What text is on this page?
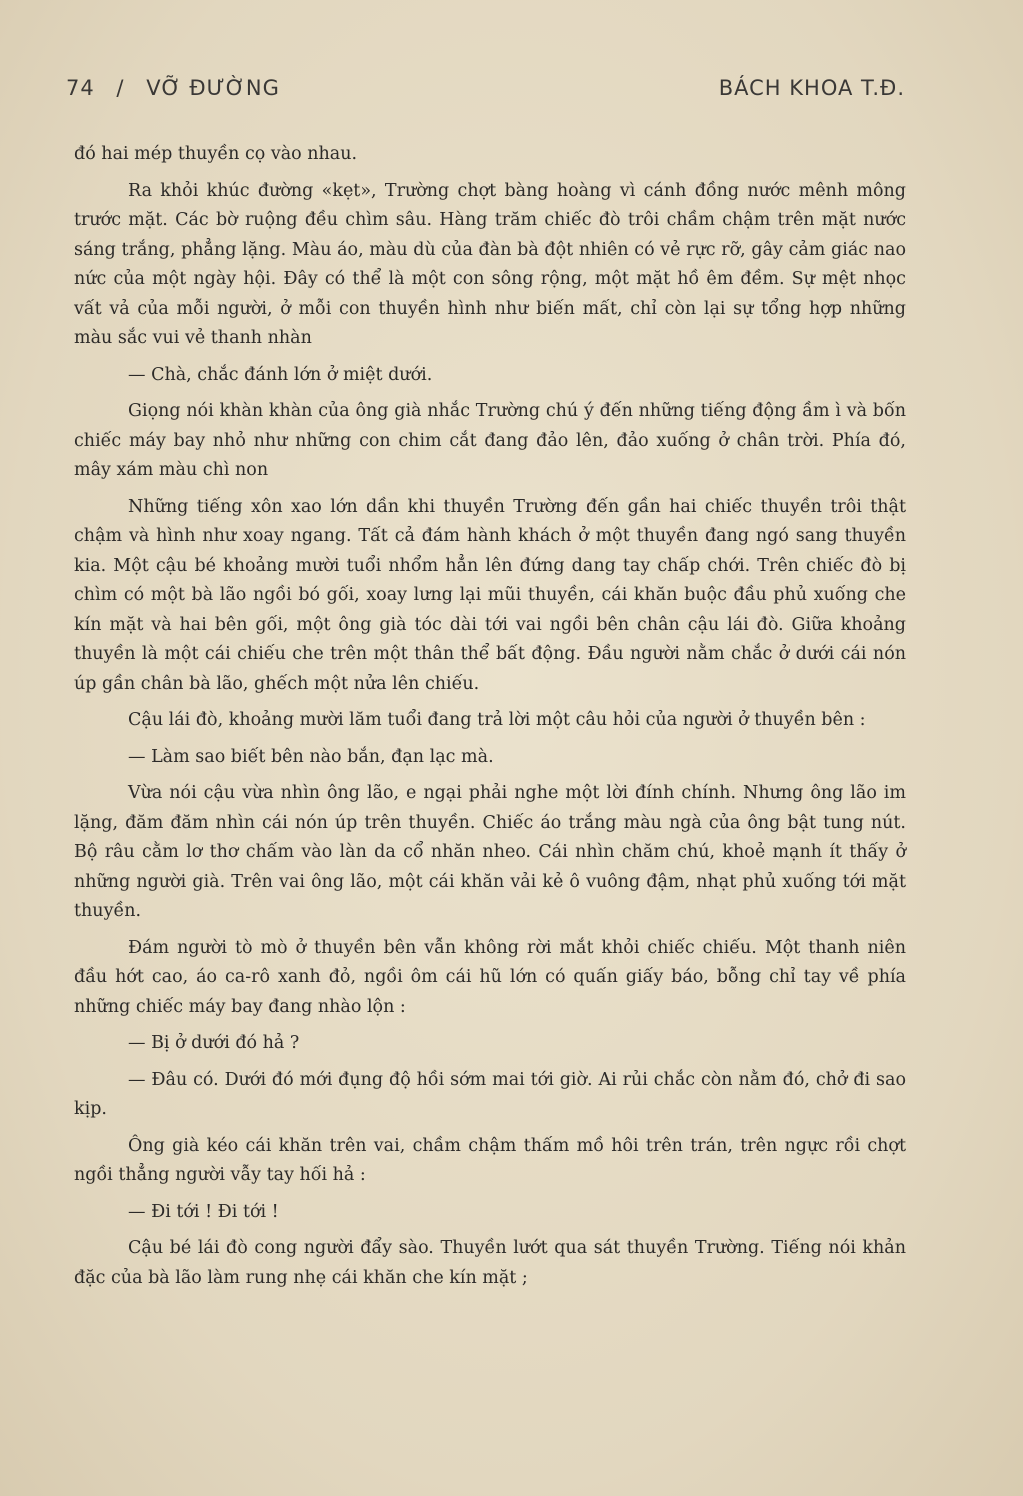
74 / VỠ ĐƯỜNG	BÁCH KHOA T.Đ.

đó hai mép thuyền cọ vào nhau.

Ra khỏi khúc đường «kẹt», Trường chợt bàng hoàng vì cánh đồng nước mênh mông trước mặt. Các bờ ruộng đều chìm sâu. Hàng trăm chiếc đò trôi chầm chậm trên mặt nước sáng trắng, phẳng lặng. Màu áo, màu dù của đàn bà đột nhiên có vẻ rực rỡ, gây cảm giác nao nức của một ngày hội. Đây có thể là một con sông rộng, một mặt hồ êm đềm. Sự mệt nhọc vất vả của mỗi người, ở mỗi con thuyền hình như biến mất, chỉ còn lại sự tổng hợp những màu sắc vui vẻ thanh nhàn

— Chà, chắc đánh lớn ở miệt dưới.

Giọng nói khàn khàn của ông già nhắc Trường chú ý đến những tiếng động ầm ì và bốn chiếc máy bay nhỏ như những con chim cắt đang đảo lên, đảo xuống ở chân trời. Phía đó, mây xám màu chì non

Những tiếng xôn xao lớn dần khi thuyền Trường đến gần hai chiếc thuyền trôi thật chậm và hình như xoay ngang. Tất cả đám hành khách ở một thuyền đang ngó sang thuyền kia. Một cậu bé khoảng mười tuổi nhổm hẳn lên đứng dang tay chấp chới. Trên chiếc đò bị chìm có một bà lão ngồi bó gối, xoay lưng lại mũi thuyền, cái khăn buộc đầu phủ xuống che kín mặt và hai bên gối, một ông già tóc dài tới vai ngồi bên chân cậu lái đò. Giữa khoảng thuyền là một cái chiếu che trên một thân thể bất động. Đầu người nằm chắc ở dưới cái nón úp gần chân bà lão, ghếch một nửa lên chiếu.

Cậu lái đò, khoảng mười lăm tuổi đang trả lời một câu hỏi của người ở thuyền bên :

— Làm sao biết bên nào bắn, đạn lạc mà.

Vừa nói cậu vừa nhìn ông lão, e ngại phải nghe một lời đính chính. Nhưng ông lão im lặng, đăm đăm nhìn cái nón úp trên thuyền. Chiếc áo trắng màu ngà của ông bật tung nút. Bộ râu cằm lơ thơ chấm vào làn da cổ nhăn nheo. Cái nhìn chăm chú, khoẻ mạnh ít thấy ở những người già. Trên vai ông lão, một cái khăn vải kẻ ô vuông đậm, nhạt phủ xuống tới mặt thuyền.

Đám người tò mò ở thuyền bên vẫn không rời mắt khỏi chiếc chiếu. Một thanh niên đầu hớt cao, áo ca-rô xanh đỏ, ngồi ôm cái hũ lớn có quấn giấy báo, bỗng chỉ tay về phía những chiếc máy bay đang nhào lộn :

— Bị ở dưới đó hả ?

— Đâu có. Dưới đó mới đụng độ hồi sớm mai tới giờ. Ai rủi chắc còn nằm đó, chở đi sao kịp.

Ông già kéo cái khăn trên vai, chầm chậm thấm mồ hôi trên trán, trên ngực rồi chợt ngồi thẳng người vẫy tay hối hả :

— Đi tới ! Đi tới !

Cậu bé lái đò cong người đẩy sào. Thuyền lướt qua sát thuyền Trường. Tiếng nói khản đặc của bà lão làm rung nhẹ cái khăn che kín mặt ;
